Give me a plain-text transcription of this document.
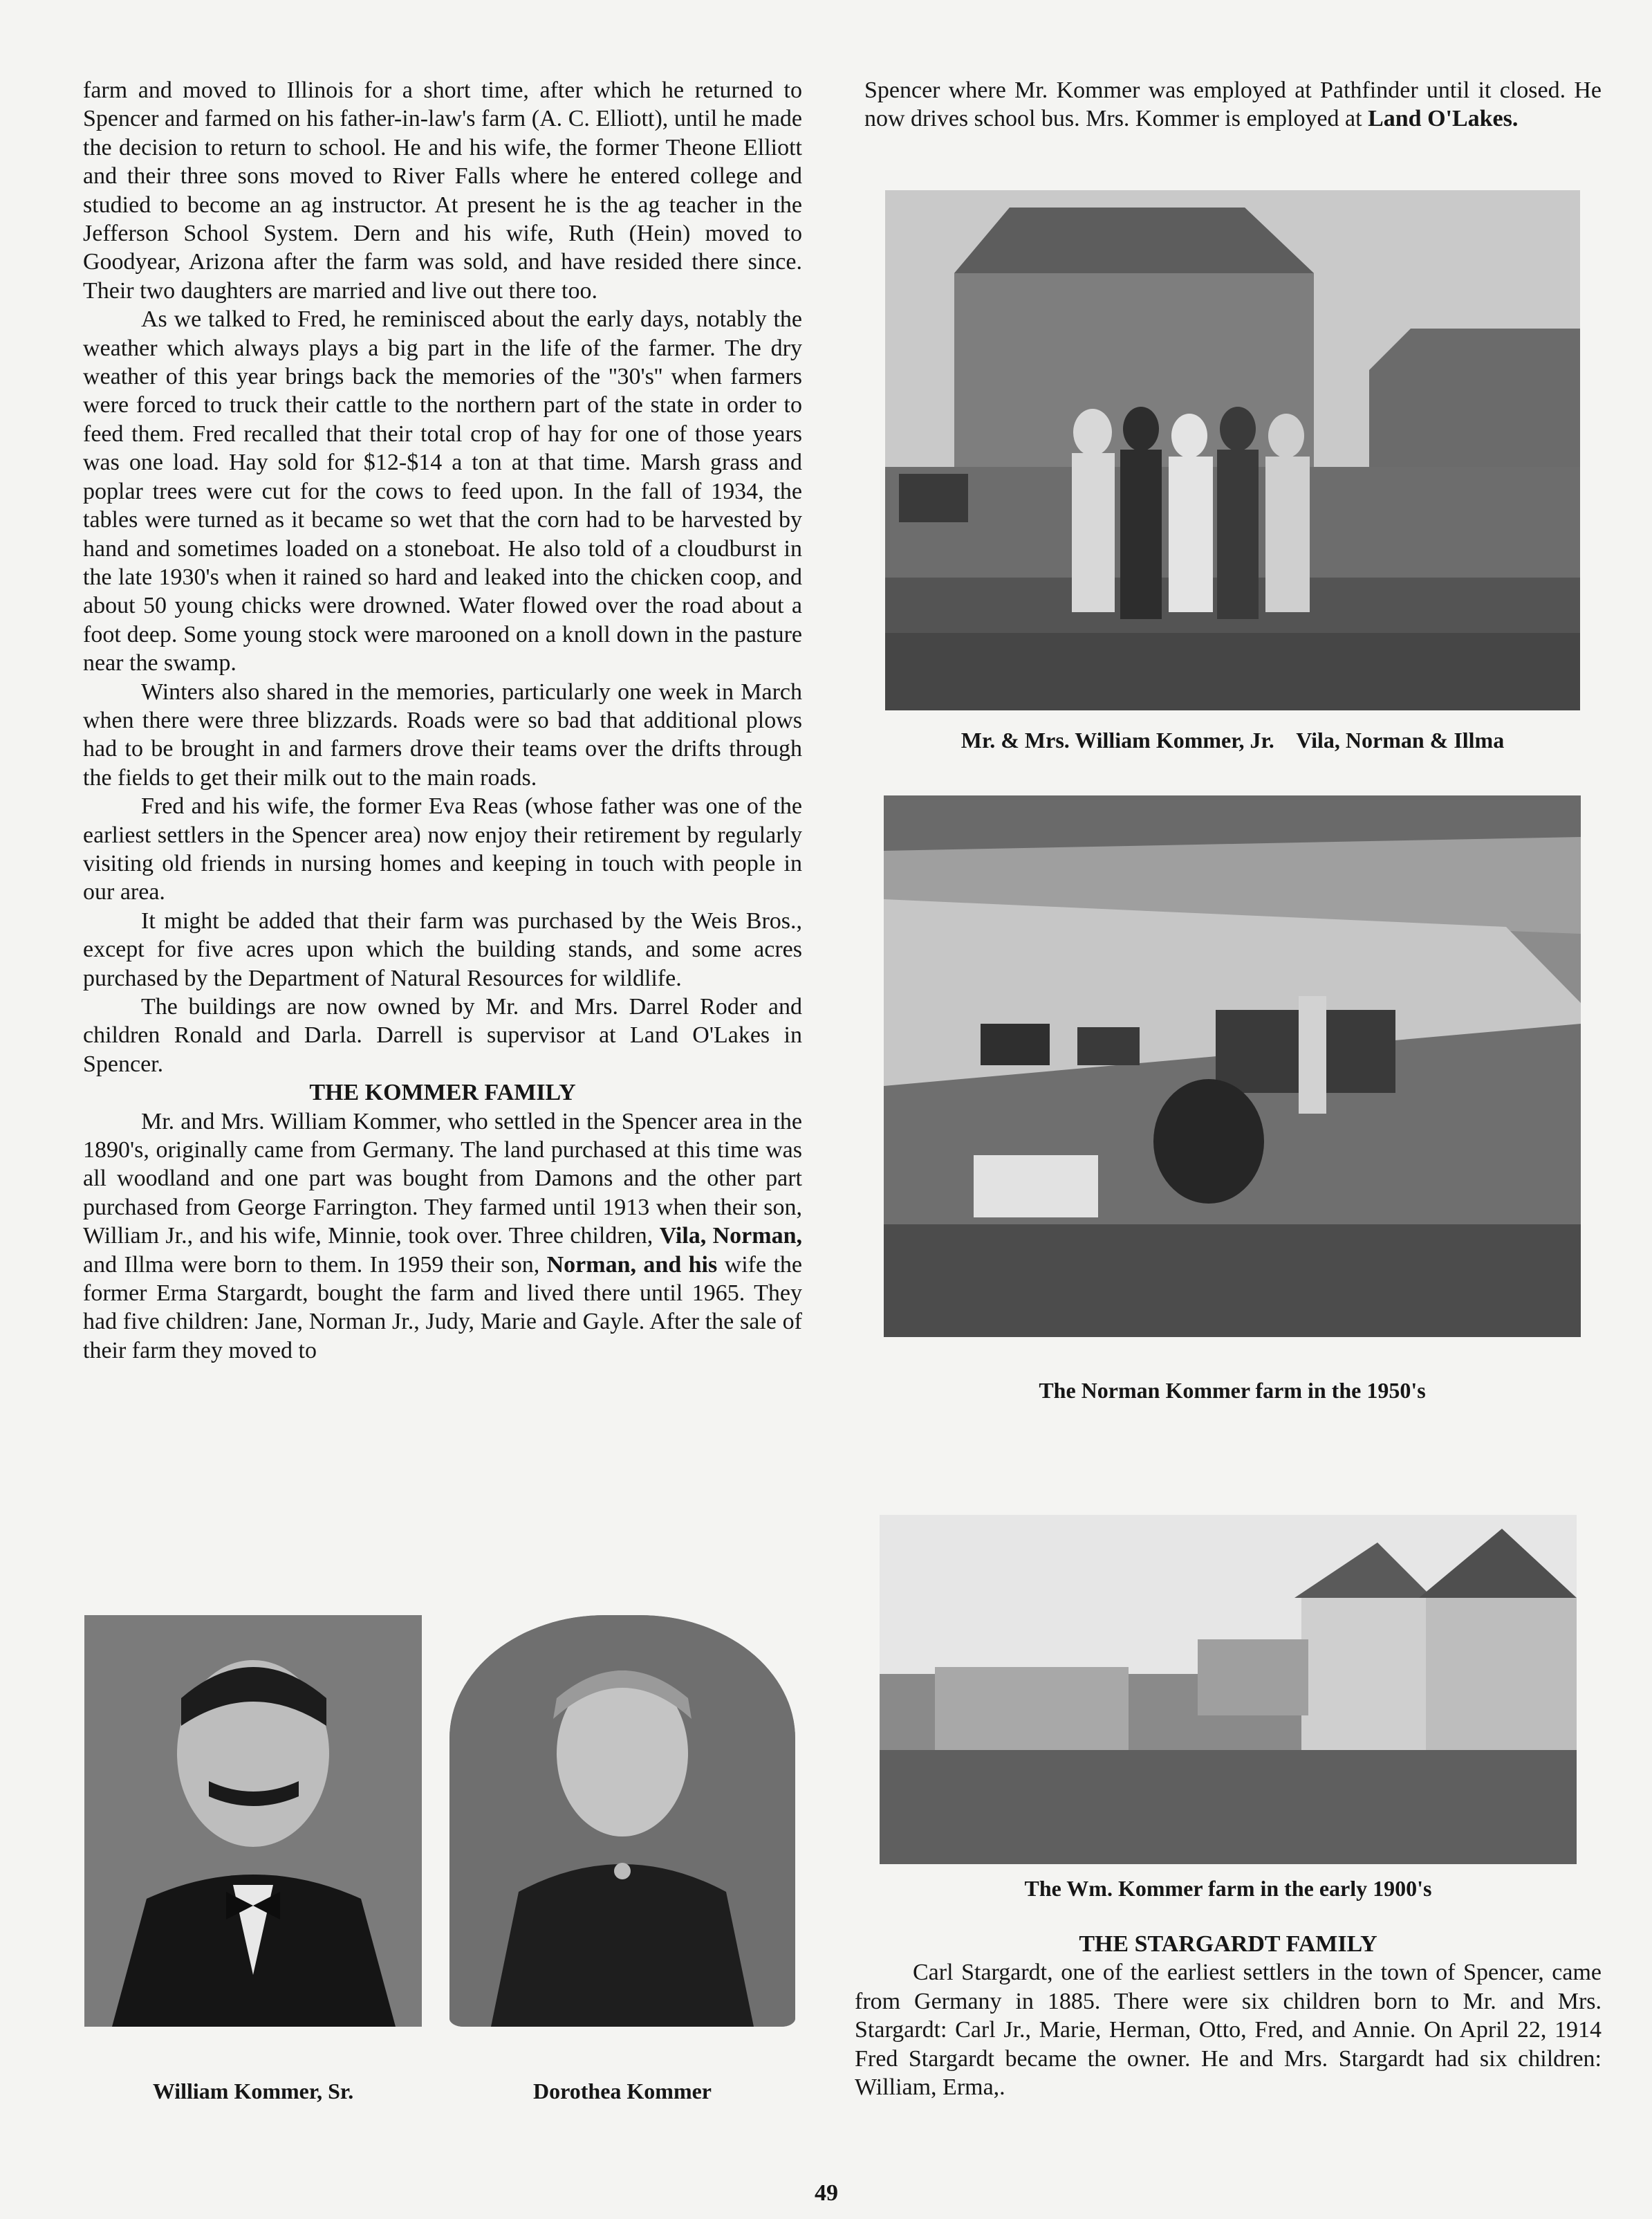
farm and moved to Illinois for a short time, after which he returned to Spencer and farmed on his father-in-law's farm (A. C. Elliott), until he made the decision to return to school. He and his wife, the former Theone Elliott and their three sons moved to River Falls where he entered college and studied to become an ag instructor. At present he is the ag teacher in the Jefferson School System. Dern and his wife, Ruth (Hein) moved to Goodyear, Arizona after the farm was sold, and have resided there since. Their two daughters are married and live out there too.

As we talked to Fred, he reminisced about the early days, notably the weather which always plays a big part in the life of the farmer. The dry weather of this year brings back the memories of the ''30's'' when farmers were forced to truck their cattle to the northern part of the state in order to feed them. Fred recalled that their total crop of hay for one of those years was one load. Hay sold for $12-$14 a ton at that time. Marsh grass and poplar trees were cut for the cows to feed upon. In the fall of 1934, the tables were turned as it became so wet that the corn had to be harvested by hand and sometimes loaded on a stoneboat. He also told of a cloudburst in the late 1930's when it rained so hard and leaked into the chicken coop, and about 50 young chicks were drowned. Water flowed over the road about a foot deep. Some young stock were marooned on a knoll down in the pasture near the swamp.

Winters also shared in the memories, particularly one week in March when there were three blizzards. Roads were so bad that additional plows had to be brought in and farmers drove their teams over the drifts through the fields to get their milk out to the main roads.

Fred and his wife, the former Eva Reas (whose father was one of the earliest settlers in the Spencer area) now enjoy their retirement by regularly visiting old friends in nursing homes and keeping in touch with people in our area.

It might be added that their farm was purchased by the Weis Bros., except for five acres upon which the building stands, and some acres purchased by the Department of Natural Resources for wildlife.

The buildings are now owned by Mr. and Mrs. Darrel Roder and children Ronald and Darla. Darrell is supervisor at Land O'Lakes in Spencer.

THE KOMMER FAMILY

Mr. and Mrs. William Kommer, who settled in the Spencer area in the 1890's, originally came from Germany. The land purchased at this time was all woodland and one part was bought from Damons and the other part purchased from George Farrington. They farmed until 1913 when their son, William Jr., and his wife, Minnie, took over. Three children, Vila, Norman, and Illma were born to them. In 1959 their son, Norman, and his wife the former Erma Stargardt, bought the farm and lived there until 1965. They had five children: Jane, Norman Jr., Judy, Marie and Gayle. After the sale of their farm they moved to

Spencer where Mr. Kommer was employed at Pathfinder until it closed. He now drives school bus. Mrs. Kommer is employed at Land O'Lakes.

Mr. & Mrs. William Kommer, Jr.    Vila, Norman & Illma
The Norman Kommer farm in the 1950's
The Wm. Kommer farm in the early 1900's

THE STARGARDT FAMILY

Carl Stargardt, one of the earliest settlers in the town of Spencer, came from Germany in 1885. There were six children born to Mr. and Mrs. Stargardt: Carl Jr., Marie, Herman, Otto, Fred, and Annie. On April 22, 1914 Fred Stargardt became the owner. He and Mrs. Stargardt had six children: William, Erma,.

William Kommer, Sr.	Dorothea Kommer
49
